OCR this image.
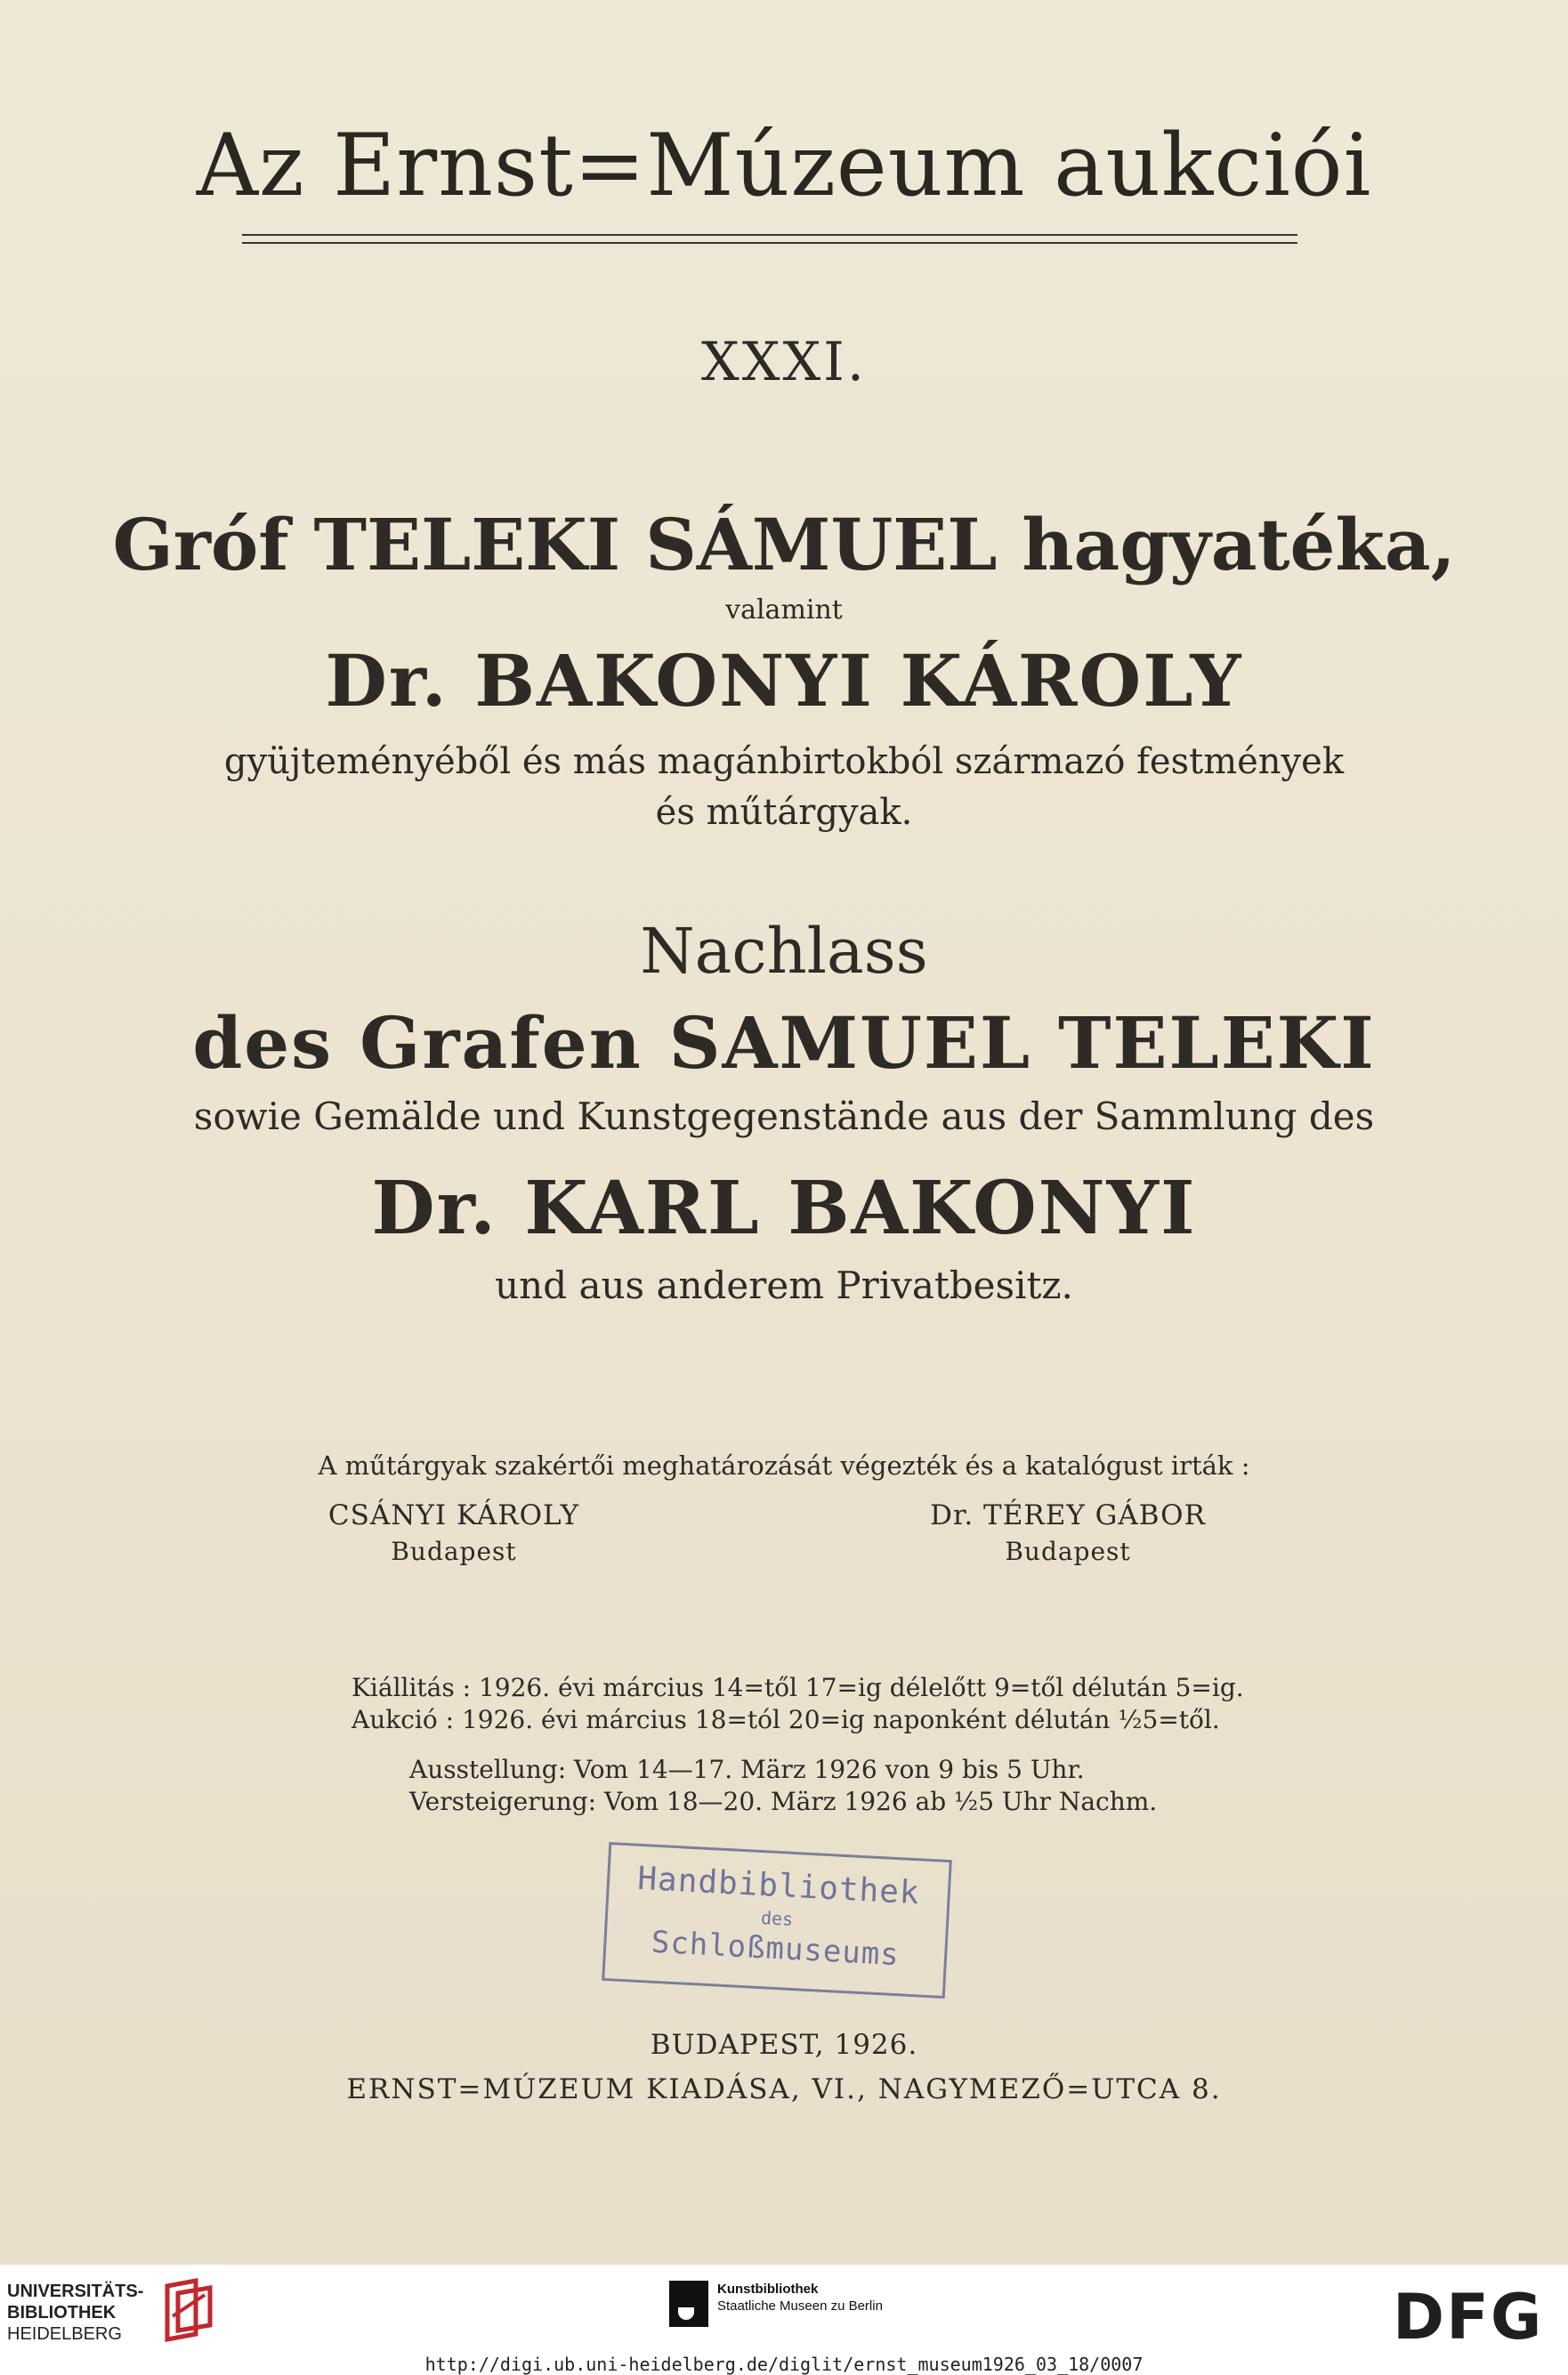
Az Ernst=Múzeum aukciói
XXXI.
Gróf TELEKI SÁMUEL hagyatéka,
valamint
Dr. BAKONYI KÁROLY
gyüjteményéből és más magánbirtokból származó festmények
és műtárgyak.
Nachlass
des Grafen SAMUEL TELEKI
sowie Gemälde und Kunstgegenstände aus der Sammlung des
Dr. KARL BAKONYI
und aus anderem Privatbesitz.
A műtárgyak szakértői meghatározását végezték és a katalógust irták :
CSÁNYI KÁROLY
Budapest
Dr. TÉREY GÁBOR
Budapest
Kiállitás : 1926. évi március 14=től 17=ig délelőtt 9=től délután 5=ig.
Aukció : 1926. évi március 18=tól 20=ig naponként délután ½5=től.
Ausstellung: Vom 14—17. März 1926 von 9 bis 5 Uhr.
Versteigerung: Vom 18—20. März 1926 ab ½5 Uhr Nachm.
Handbibliothek
des
Schloßmuseums
BUDAPEST, 1926.
ERNST=MÚZEUM KIADÁSA, VI., NAGYMEZŐ=UTCA 8.
UNIVERSITÄTS-
BIBLIOTHEK
HEIDELBERG
Kunstbibliothek
Staatliche Museen zu Berlin	DFG
http://digi.ub.uni-heidelberg.de/diglit/ernst_museum1926_03_18/0007
